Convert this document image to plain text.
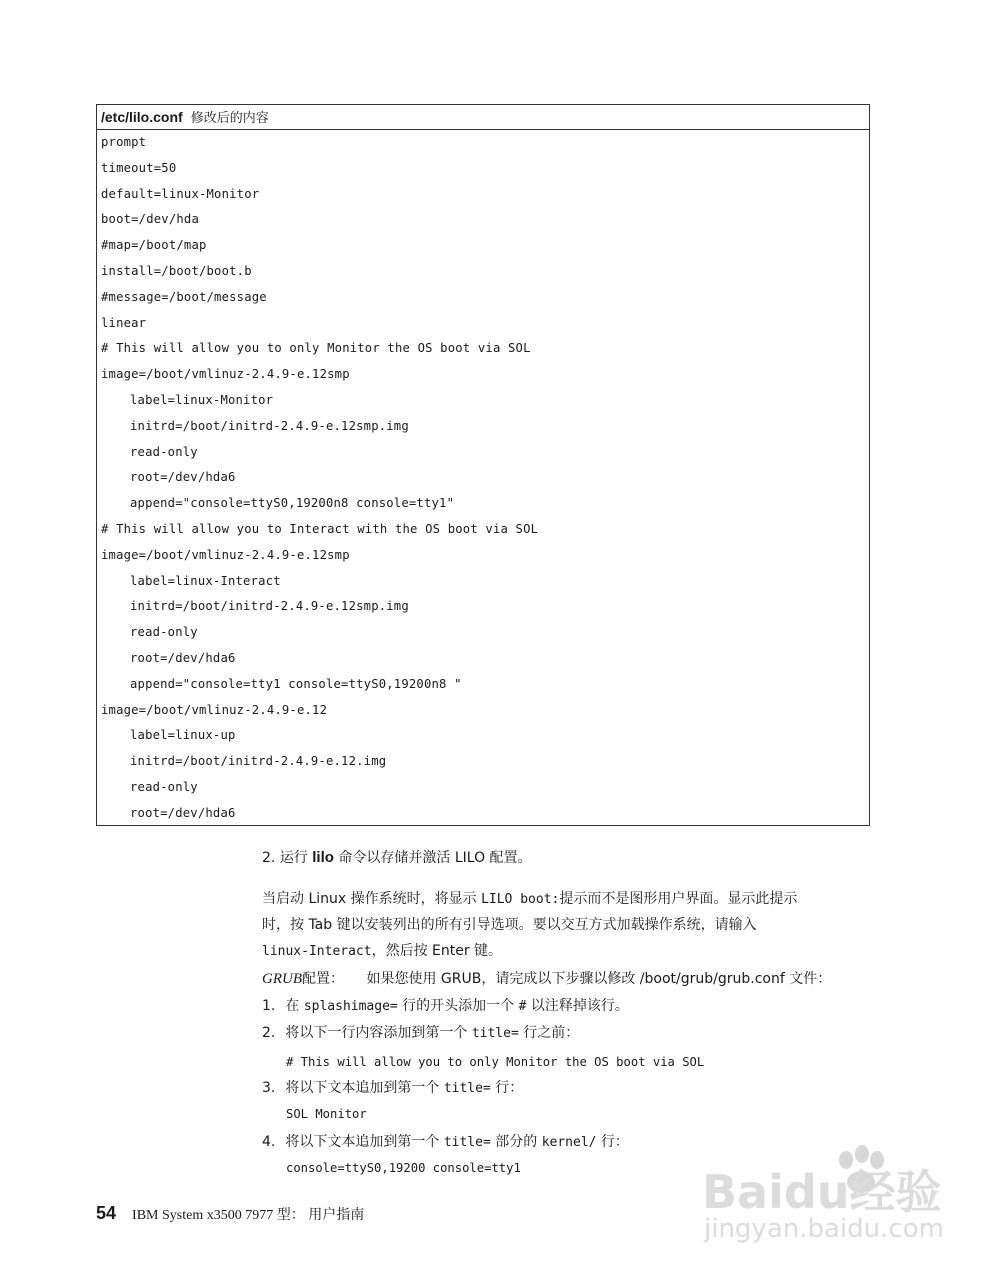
/etc/lilo.conf 修改后的内容
prompt
timeout=50
default=linux-Monitor
boot=/dev/hda
#map=/boot/map
install=/boot/boot.b
#message=/boot/message
linear
# This will allow you to only Monitor the OS boot via SOL
image=/boot/vmlinuz-2.4.9-e.12smp
label=linux-Monitor
initrd=/boot/initrd-2.4.9-e.12smp.img
read-only
root=/dev/hda6
append="console=ttyS0,19200n8 console=tty1"
# This will allow you to Interact with the OS boot via SOL
image=/boot/vmlinuz-2.4.9-e.12smp
label=linux-Interact
initrd=/boot/initrd-2.4.9-e.12smp.img
read-only
root=/dev/hda6
append="console=tty1 console=ttyS0,19200n8 "
image=/boot/vmlinuz-2.4.9-e.12
label=linux-up
initrd=/boot/initrd-2.4.9-e.12.img
read-only
root=/dev/hda6
2. 运行 lilo 命令以存储并激活 LILO 配置。
当启动 Linux 操作系统时，将显示 LILO boot:提示而不是图形用户界面。显示此提示
时，按 Tab 键以安装列出的所有引导选项。要以交互方式加载操作系统，请输入
linux-Interact，然后按 Enter 键。
GRUB配置： 如果您使用 GRUB，请完成以下步骤以修改 /boot/grub/grub.conf 文件：
1. 在 splashimage= 行的开头添加一个 # 以注释掉该行。
2. 将以下一行内容添加到第一个 title= 行之前：
3. 将以下文本追加到第一个 title= 行：
4. 将以下文本追加到第一个 title= 部分的 kernel/ 行：
# This will allow you to only Monitor the OS boot via SOL
SOL Monitor
console=ttyS0,19200 console=tty1
54 IBM System x3500 7977 型： 用户指南	Baidu经验
jingyan.baidu.com
